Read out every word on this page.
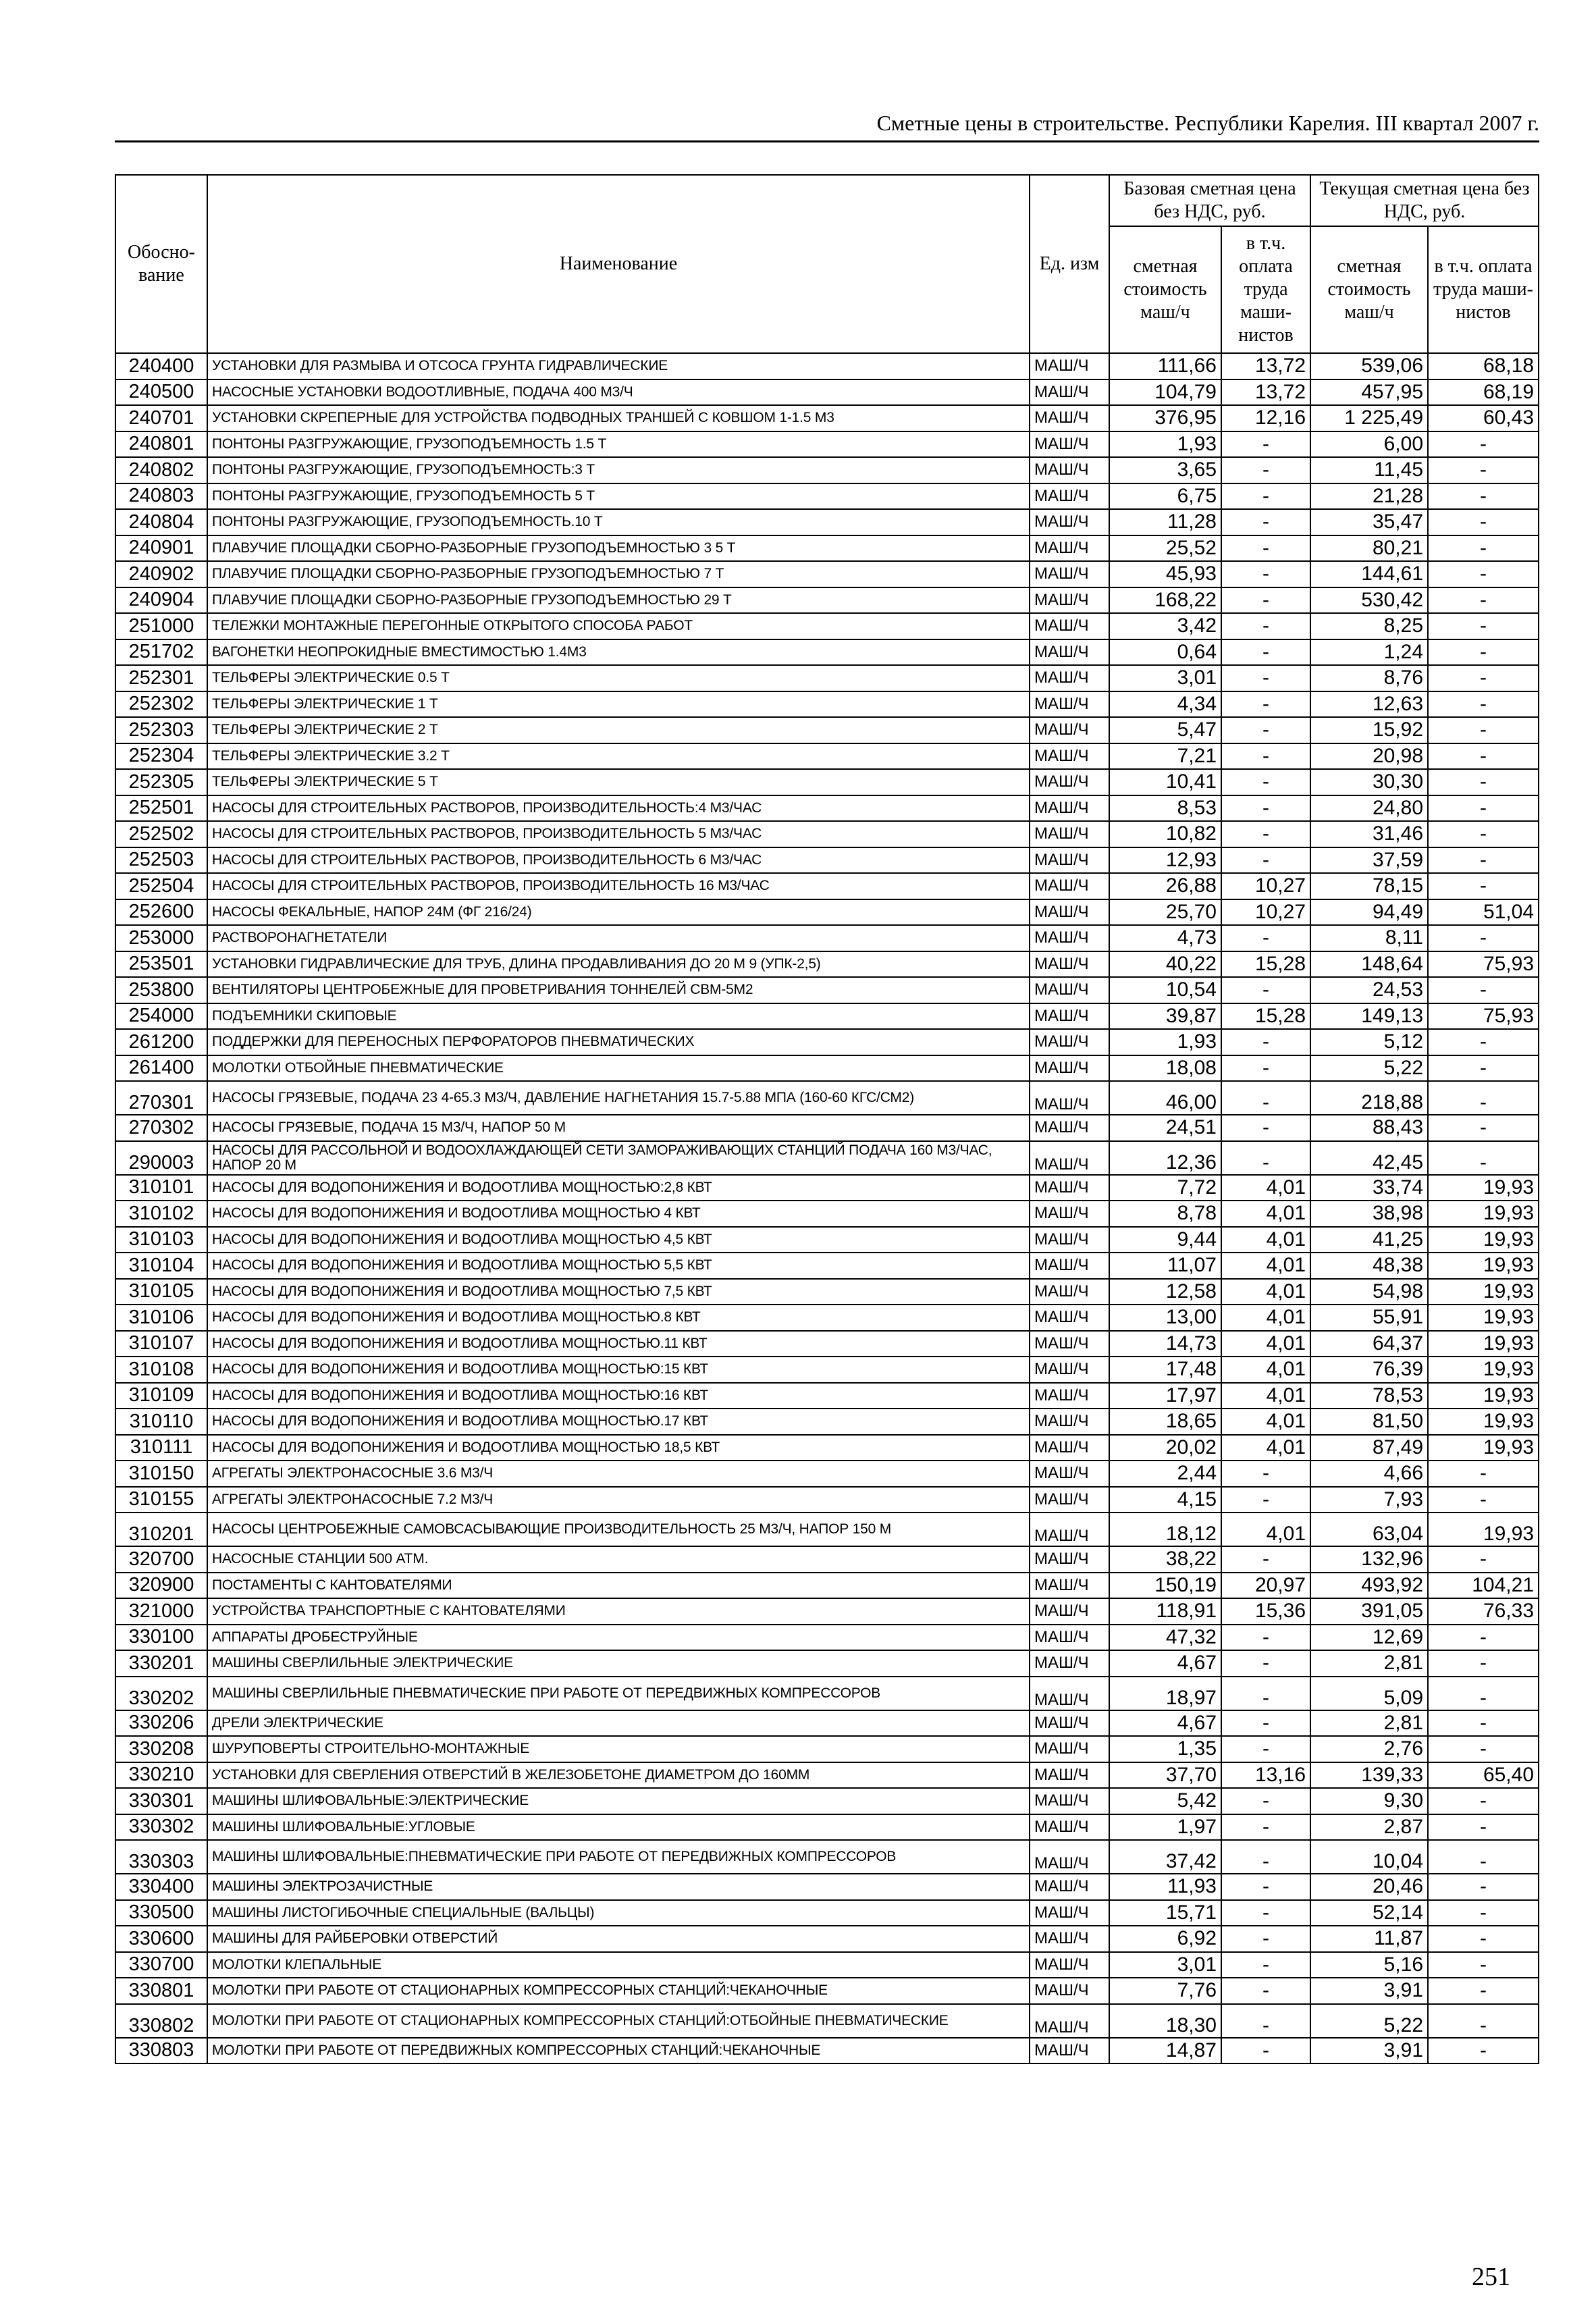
Сметные цены в строительстве. Республики Карелия. III квартал 2007 г.
Обосно-вание	Наименование	Ед. изм	Базовая сметная цена без НДС, руб.		Текущая сметная цена без НДС, руб.	
			сметная стоимость маш/ч	в т.ч. оплата труда маши-нистов	сметная стоимость маш/ч	в т.ч. оплата труда маши-нистов
240400	УСТАНОВКИ ДЛЯ РАЗМЫВА И ОТСОСА ГРУНТА ГИДРАВЛИЧЕСКИЕ	МАШ/Ч	111,66	13,72	539,06	68,18
240500	НАСОСНЫЕ УСТАНОВКИ ВОДООТЛИВНЫЕ, ПОДАЧА 400 М3/Ч	МАШ/Ч	104,79	13,72	457,95	68,19
240701	УСТАНОВКИ СКРЕПЕРНЫЕ ДЛЯ УСТРОЙСТВА ПОДВОДНЫХ ТРАНШЕЙ С КОВШОМ 1-1.5 М3	МАШ/Ч	376,95	12,16	1 225,49	60,43
240801	ПОНТОНЫ РАЗГРУЖАЮЩИЕ, ГРУЗОПОДЪЕМНОСТЬ 1.5 Т	МАШ/Ч	1,93	-	6,00	-
240802	ПОНТОНЫ РАЗГРУЖАЮЩИЕ, ГРУЗОПОДЪЕМНОСТЬ:3 Т	МАШ/Ч	3,65	-	11,45	-
240803	ПОНТОНЫ РАЗГРУЖАЮЩИЕ, ГРУЗОПОДЪЕМНОСТЬ 5 Т	МАШ/Ч	6,75	-	21,28	-
240804	ПОНТОНЫ РАЗГРУЖАЮЩИЕ, ГРУЗОПОДЪЕМНОСТЬ.10 Т	МАШ/Ч	11,28	-	35,47	-
240901	ПЛАВУЧИЕ ПЛОЩАДКИ СБОРНО-РАЗБОРНЫЕ ГРУЗОПОДЪЕМНОСТЬЮ 3 5 Т	МАШ/Ч	25,52	-	80,21	-
240902	ПЛАВУЧИЕ ПЛОЩАДКИ СБОРНО-РАЗБОРНЫЕ ГРУЗОПОДЪЕМНОСТЬЮ 7 Т	МАШ/Ч	45,93	-	144,61	-
240904	ПЛАВУЧИЕ ПЛОЩАДКИ СБОРНО-РАЗБОРНЫЕ ГРУЗОПОДЪЕМНОСТЬЮ 29 Т	МАШ/Ч	168,22	-	530,42	-
251000	ТЕЛЕЖКИ МОНТАЖНЫЕ ПЕРЕГОННЫЕ ОТКРЫТОГО СПОСОБА РАБОТ	МАШ/Ч	3,42	-	8,25	-
251702	ВАГОНЕТКИ НЕОПРОКИДНЫЕ ВМЕСТИМОСТЬЮ 1.4М3	МАШ/Ч	0,64	-	1,24	-
252301	ТЕЛЬФЕРЫ ЭЛЕКТРИЧЕСКИЕ 0.5 Т	МАШ/Ч	3,01	-	8,76	-
252302	ТЕЛЬФЕРЫ ЭЛЕКТРИЧЕСКИЕ 1 Т	МАШ/Ч	4,34	-	12,63	-
252303	ТЕЛЬФЕРЫ ЭЛЕКТРИЧЕСКИЕ 2 Т	МАШ/Ч	5,47	-	15,92	-
252304	ТЕЛЬФЕРЫ ЭЛЕКТРИЧЕСКИЕ 3.2 Т	МАШ/Ч	7,21	-	20,98	-
252305	ТЕЛЬФЕРЫ ЭЛЕКТРИЧЕСКИЕ 5 Т	МАШ/Ч	10,41	-	30,30	-
252501	НАСОСЫ ДЛЯ СТРОИТЕЛЬНЫХ РАСТВОРОВ, ПРОИЗВОДИТЕЛЬНОСТЬ:4 М3/ЧАС	МАШ/Ч	8,53	-	24,80	-
252502	НАСОСЫ ДЛЯ СТРОИТЕЛЬНЫХ РАСТВОРОВ, ПРОИЗВОДИТЕЛЬНОСТЬ 5 М3/ЧАС	МАШ/Ч	10,82	-	31,46	-
252503	НАСОСЫ ДЛЯ СТРОИТЕЛЬНЫХ РАСТВОРОВ, ПРОИЗВОДИТЕЛЬНОСТЬ 6 М3/ЧАС	МАШ/Ч	12,93	-	37,59	-
252504	НАСОСЫ ДЛЯ СТРОИТЕЛЬНЫХ РАСТВОРОВ, ПРОИЗВОДИТЕЛЬНОСТЬ 16 М3/ЧАС	МАШ/Ч	26,88	10,27	78,15	-
252600	НАСОСЫ ФЕКАЛЬНЫЕ, НАПОР 24М (ФГ 216/24)	МАШ/Ч	25,70	10,27	94,49	51,04
253000	РАСТВОРОНАГНЕТАТЕЛИ	МАШ/Ч	4,73	-	8,11	-
253501	УСТАНОВКИ ГИДРАВЛИЧЕСКИЕ ДЛЯ ТРУБ, ДЛИНА ПРОДАВЛИВАНИЯ ДО 20 М 9 (УПК-2,5)	МАШ/Ч	40,22	15,28	148,64	75,93
253800	ВЕНТИЛЯТОРЫ ЦЕНТРОБЕЖНЫЕ ДЛЯ ПРОВЕТРИВАНИЯ ТОННЕЛЕЙ СВМ-5М2	МАШ/Ч	10,54	-	24,53	-
254000	ПОДЪЕМНИКИ СКИПОВЫЕ	МАШ/Ч	39,87	15,28	149,13	75,93
261200	ПОДДЕРЖКИ ДЛЯ ПЕРЕНОСНЫХ ПЕРФОРАТОРОВ ПНЕВМАТИЧЕСКИХ	МАШ/Ч	1,93	-	5,12	-
261400	МОЛОТКИ ОТБОЙНЫЕ ПНЕВМАТИЧЕСКИЕ	МАШ/Ч	18,08	-	5,22	-
270301	НАСОСЫ ГРЯЗЕВЫЕ, ПОДАЧА 23 4-65.3 М3/Ч, ДАВЛЕНИЕ НАГНЕТАНИЯ 15.7-5.88 МПА (160-60 КГС/СМ2)	МАШ/Ч	46,00	-	218,88	-
270302	НАСОСЫ ГРЯЗЕВЫЕ, ПОДАЧА 15 М3/Ч, НАПОР 50 М	МАШ/Ч	24,51	-	88,43	-
290003	НАСОСЫ ДЛЯ РАССОЛЬНОЙ И ВОДООХЛАЖДАЮЩЕЙ СЕТИ ЗАМОРАЖИВАЮЩИХ СТАНЦИЙ ПОДАЧА 160 М3/ЧАС, НАПОР 20 М	МАШ/Ч	12,36	-	42,45	-
310101	НАСОСЫ ДЛЯ ВОДОПОНИЖЕНИЯ И ВОДООТЛИВА МОЩНОСТЬЮ:2,8 КВТ	МАШ/Ч	7,72	4,01	33,74	19,93
310102	НАСОСЫ ДЛЯ ВОДОПОНИЖЕНИЯ И ВОДООТЛИВА МОЩНОСТЬЮ 4 КВТ	МАШ/Ч	8,78	4,01	38,98	19,93
310103	НАСОСЫ ДЛЯ ВОДОПОНИЖЕНИЯ И ВОДООТЛИВА МОЩНОСТЬЮ 4,5 КВТ	МАШ/Ч	9,44	4,01	41,25	19,93
310104	НАСОСЫ ДЛЯ ВОДОПОНИЖЕНИЯ И ВОДООТЛИВА МОЩНОСТЬЮ 5,5 КВТ	МАШ/Ч	11,07	4,01	48,38	19,93
310105	НАСОСЫ ДЛЯ ВОДОПОНИЖЕНИЯ И ВОДООТЛИВА МОЩНОСТЬЮ 7,5 КВТ	МАШ/Ч	12,58	4,01	54,98	19,93
310106	НАСОСЫ ДЛЯ ВОДОПОНИЖЕНИЯ И ВОДООТЛИВА МОЩНОСТЬЮ.8 КВТ	МАШ/Ч	13,00	4,01	55,91	19,93
310107	НАСОСЫ ДЛЯ ВОДОПОНИЖЕНИЯ И ВОДООТЛИВА МОЩНОСТЬЮ.11 КВТ	МАШ/Ч	14,73	4,01	64,37	19,93
310108	НАСОСЫ ДЛЯ ВОДОПОНИЖЕНИЯ И ВОДООТЛИВА МОЩНОСТЬЮ:15 КВТ	МАШ/Ч	17,48	4,01	76,39	19,93
310109	НАСОСЫ ДЛЯ ВОДОПОНИЖЕНИЯ И ВОДООТЛИВА МОЩНОСТЬЮ:16 КВТ	МАШ/Ч	17,97	4,01	78,53	19,93
310110	НАСОСЫ ДЛЯ ВОДОПОНИЖЕНИЯ И ВОДООТЛИВА МОЩНОСТЬЮ.17 КВТ	МАШ/Ч	18,65	4,01	81,50	19,93
310111	НАСОСЫ ДЛЯ ВОДОПОНИЖЕНИЯ И ВОДООТЛИВА МОЩНОСТЬЮ 18,5 КВТ	МАШ/Ч	20,02	4,01	87,49	19,93
310150	АГРЕГАТЫ ЭЛЕКТРОНАСОСНЫЕ 3.6 М3/Ч	МАШ/Ч	2,44	-	4,66	-
310155	АГРЕГАТЫ ЭЛЕКТРОНАСОСНЫЕ 7.2 М3/Ч	МАШ/Ч	4,15	-	7,93	-
310201	НАСОСЫ ЦЕНТРОБЕЖНЫЕ САМОВСАСЫВАЮЩИЕ ПРОИЗВОДИТЕЛЬНОСТЬ 25 М3/Ч, НАПОР 150 М	МАШ/Ч	18,12	4,01	63,04	19,93
320700	НАСОСНЫЕ СТАНЦИИ 500 АТМ.	МАШ/Ч	38,22	-	132,96	-
320900	ПОСТАМЕНТЫ С КАНТОВАТЕЛЯМИ	МАШ/Ч	150,19	20,97	493,92	104,21
321000	УСТРОЙСТВА ТРАНСПОРТНЫЕ С КАНТОВАТЕЛЯМИ	МАШ/Ч	118,91	15,36	391,05	76,33
330100	АППАРАТЫ ДРОБЕСТРУЙНЫЕ	МАШ/Ч	47,32	-	12,69	-
330201	МАШИНЫ СВЕРЛИЛЬНЫЕ ЭЛЕКТРИЧЕСКИЕ	МАШ/Ч	4,67	-	2,81	-
330202	МАШИНЫ СВЕРЛИЛЬНЫЕ ПНЕВМАТИЧЕСКИЕ ПРИ РАБОТЕ ОТ ПЕРЕДВИЖНЫХ КОМПРЕССОРОВ	МАШ/Ч	18,97	-	5,09	-
330206	ДРЕЛИ ЭЛЕКТРИЧЕСКИЕ	МАШ/Ч	4,67	-	2,81	-
330208	ШУРУПОВЕРТЫ СТРОИТЕЛЬНО-МОНТАЖНЫЕ	МАШ/Ч	1,35	-	2,76	-
330210	УСТАНОВКИ ДЛЯ СВЕРЛЕНИЯ ОТВЕРСТИЙ В ЖЕЛЕЗОБЕТОНЕ ДИАМЕТРОМ ДО 160ММ	МАШ/Ч	37,70	13,16	139,33	65,40
330301	МАШИНЫ ШЛИФОВАЛЬНЫЕ:ЭЛЕКТРИЧЕСКИЕ	МАШ/Ч	5,42	-	9,30	-
330302	МАШИНЫ ШЛИФОВАЛЬНЫЕ:УГЛОВЫЕ	МАШ/Ч	1,97	-	2,87	-
330303	МАШИНЫ ШЛИФОВАЛЬНЫЕ:ПНЕВМАТИЧЕСКИЕ ПРИ РАБОТЕ ОТ ПЕРЕДВИЖНЫХ КОМПРЕССОРОВ	МАШ/Ч	37,42	-	10,04	-
330400	МАШИНЫ ЭЛЕКТРОЗАЧИСТНЫЕ	МАШ/Ч	11,93	-	20,46	-
330500	МАШИНЫ ЛИСТОГИБОЧНЫЕ СПЕЦИАЛЬНЫЕ (ВАЛЬЦЫ)	МАШ/Ч	15,71	-	52,14	-
330600	МАШИНЫ ДЛЯ РАЙБЕРОВКИ ОТВЕРСТИЙ	МАШ/Ч	6,92	-	11,87	-
330700	МОЛОТКИ КЛЕПАЛЬНЫЕ	МАШ/Ч	3,01	-	5,16	-
330801	МОЛОТКИ ПРИ РАБОТЕ ОТ СТАЦИОНАРНЫХ КОМПРЕССОРНЫХ СТАНЦИЙ:ЧЕКАНОЧНЫЕ	МАШ/Ч	7,76	-	3,91	-
330802	МОЛОТКИ ПРИ РАБОТЕ ОТ СТАЦИОНАРНЫХ КОМПРЕССОРНЫХ СТАНЦИЙ:ОТБОЙНЫЕ ПНЕВМАТИЧЕСКИЕ	МАШ/Ч	18,30	-	5,22	-
330803	МОЛОТКИ ПРИ РАБОТЕ ОТ ПЕРЕДВИЖНЫХ КОМПРЕССОРНЫХ СТАНЦИЙ:ЧЕКАНОЧНЫЕ	МАШ/Ч	14,87	-	3,91	-
251
